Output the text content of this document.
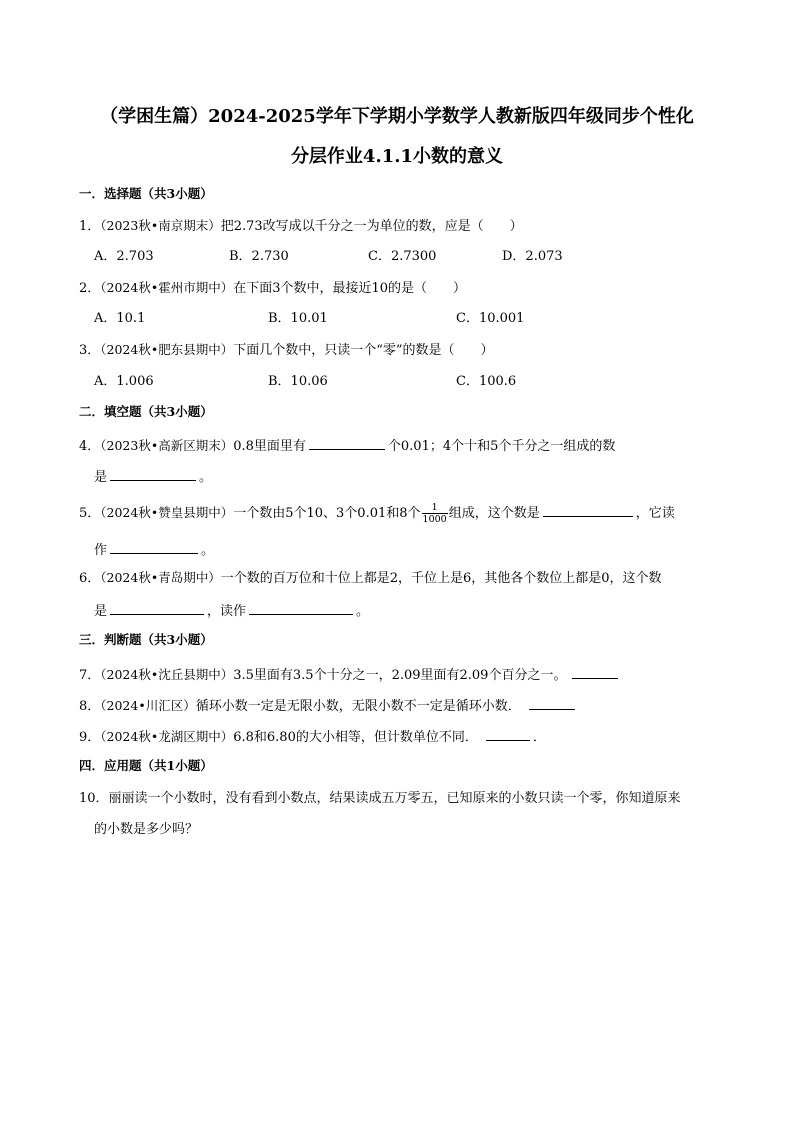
（学困生篇）2024-2025学年下学期小学数学人教新版四年级同步个性化
分层作业4.1.1小数的意义
一．选择题（共3小题）
1．（2023秋•南京期末）把2.73改写成以千分之一为单位的数，应是（　　）
A．2.703	B．2.730	C．2.7300	D．2.073
2．（2024秋•霍州市期中）在下面3个数中，最接近10的是（　　）
A．10.1	B．10.01	C．10.001
3．（2024秋•肥东县期中）下面几个数中，只读一个“零”的数是（　　）
A．1.006	B．10.06	C．100.6
二．填空题（共3小题）
4．（2023秋•高新区期末）0.8里面里有	个0.01；4个十和5个千分之一组成的数
是	。
5．（2024秋•赞皇县期中）一个数由5个10、3个0.01和8个 $\frac{1}{1000}$ 组成，这个数是	，它读
作	。
6．（2024秋•青岛期中）一个数的百万位和十位上都是2，千位上是6，其他各个数位上都是0，这个数
是	，读作	。
三．判断题（共3小题）
7．（2024秋•沈丘县期中）3.5里面有3.5个十分之一，2.09里面有2.09个百分之一。
8．（2024•川汇区）循环小数一定是无限小数，无限小数不一定是循环小数．
9．（2024秋•龙湖区期中）6.8和6.80的大小相等，但计数单位不同．	．
四．应用题（共1小题）
10．丽丽读一个小数时，没有看到小数点，结果读成五万零五，已知原来的小数只读一个零，你知道原来
的小数是多少吗？
